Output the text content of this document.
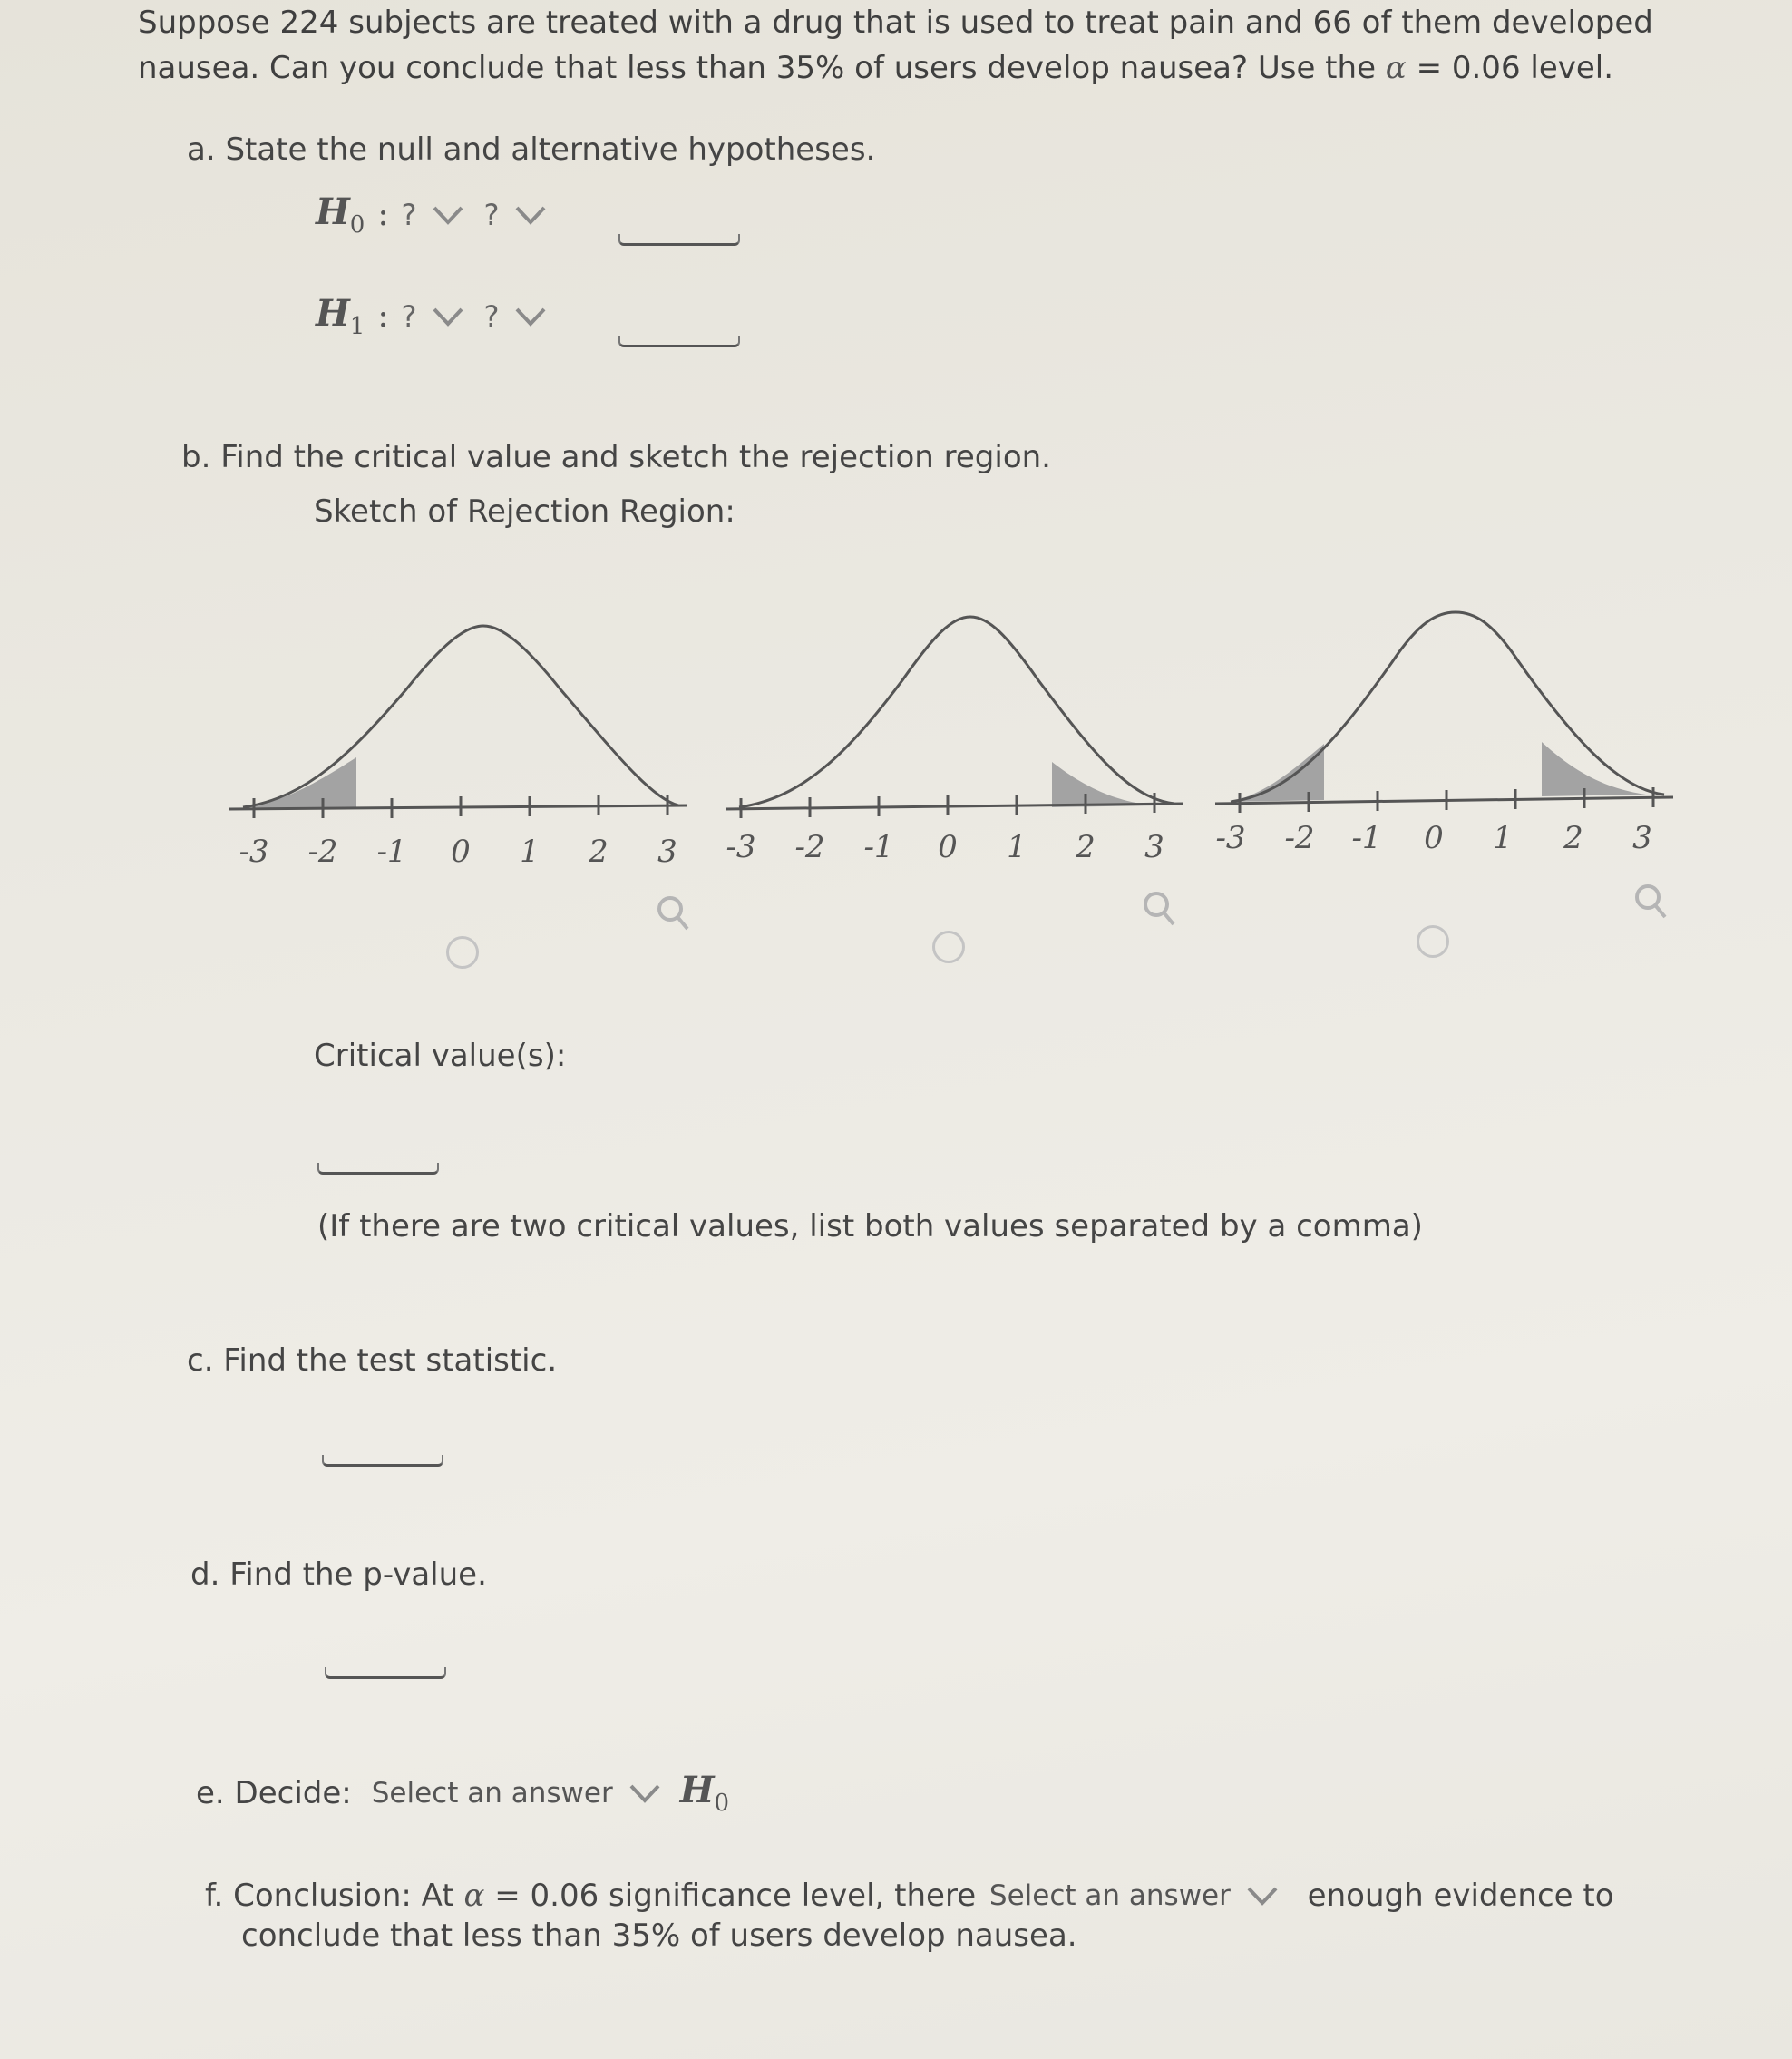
Suppose 224 subjects are treated with a drug that is used to treat pain and 66 of them developed
nausea. Can you conclude that less than 35% of users develop nausea? Use the α = 0.06 level.
a. State the null and alternative hypotheses.
$H_0$ : ? ?
$H_1$ : ? ?
b. Find the critical value and sketch the rejection region.
Sketch of Rejection Region:
-3 -2 -1 0 1 2 3 -3 -2 -1 0 1 2 3 -3 -2 -1 0 1 2 3
Critical value(s):
(If there are two critical values, list both values separated by a comma)
c. Find the test statistic.
d. Find the p-value.
e. Decide: Select an answer $H_0$
f. Conclusion: At α = 0.06 significance level, there Select an answer enough evidence to
conclude that less than 35% of users develop nausea.
